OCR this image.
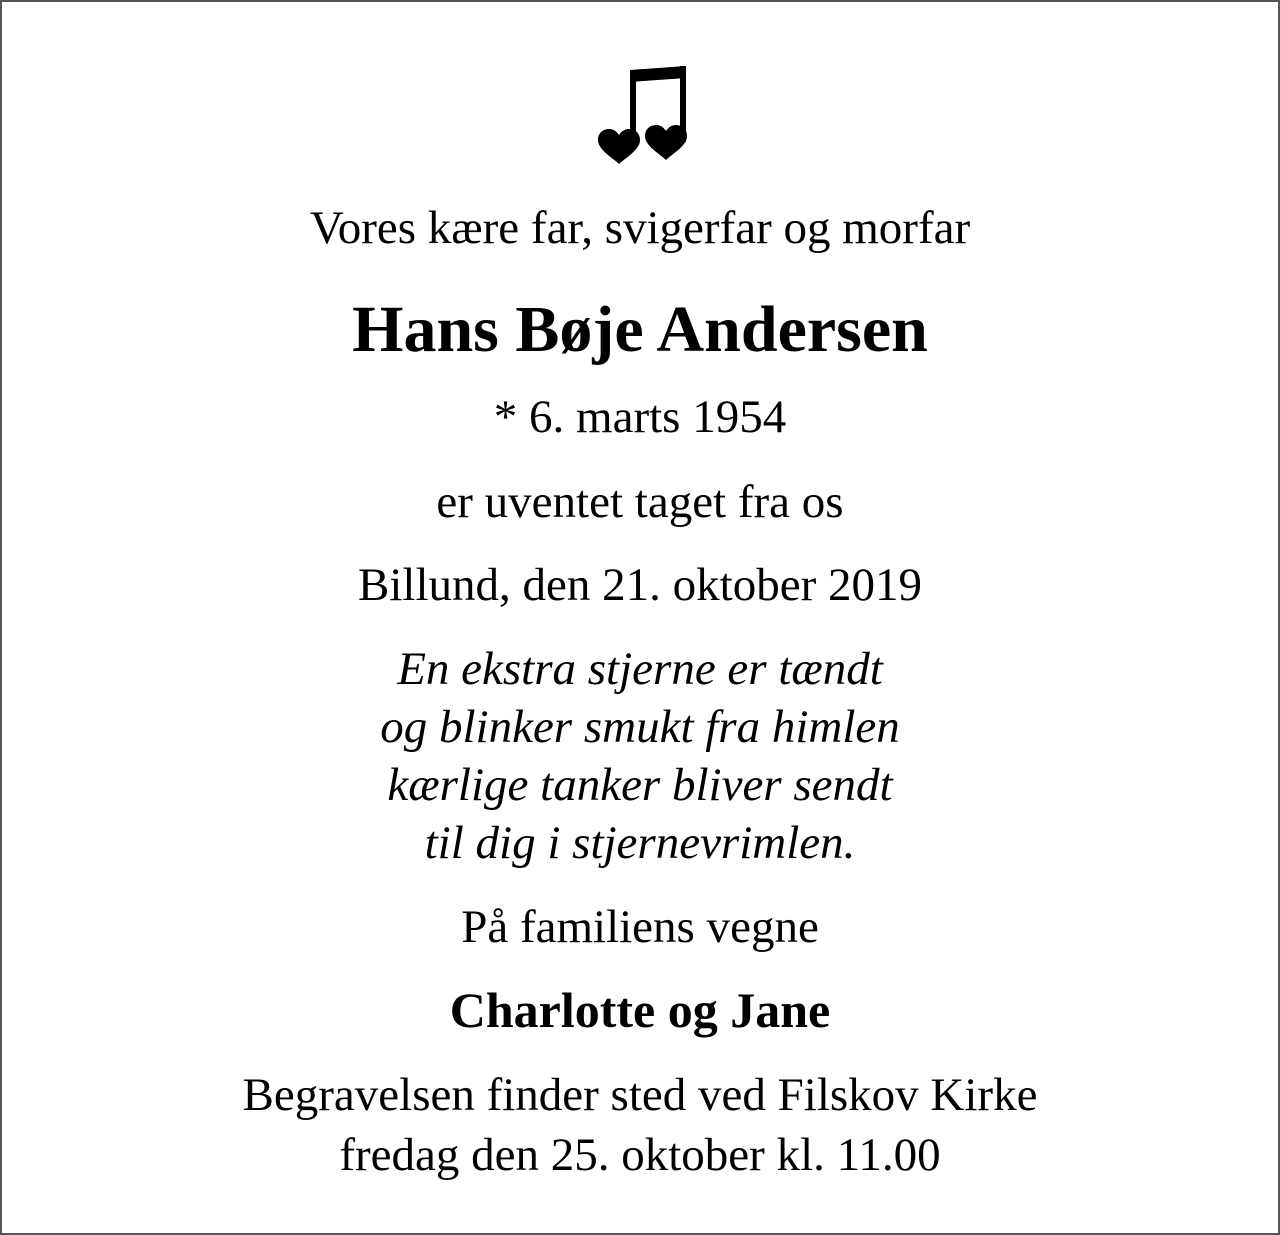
Vores kære far, svigerfar og morfar
Hans Bøje Andersen
* 6. marts 1954
er uventet taget fra os
Billund, den 21. oktober 2019
En ekstra stjerne er tændt
og blinker smukt fra himlen
kærlige tanker bliver sendt
til dig i stjernevrimlen.
På familiens vegne
Charlotte og Jane
Begravelsen finder sted ved Filskov Kirke
fredag den 25. oktober kl. 11.00
